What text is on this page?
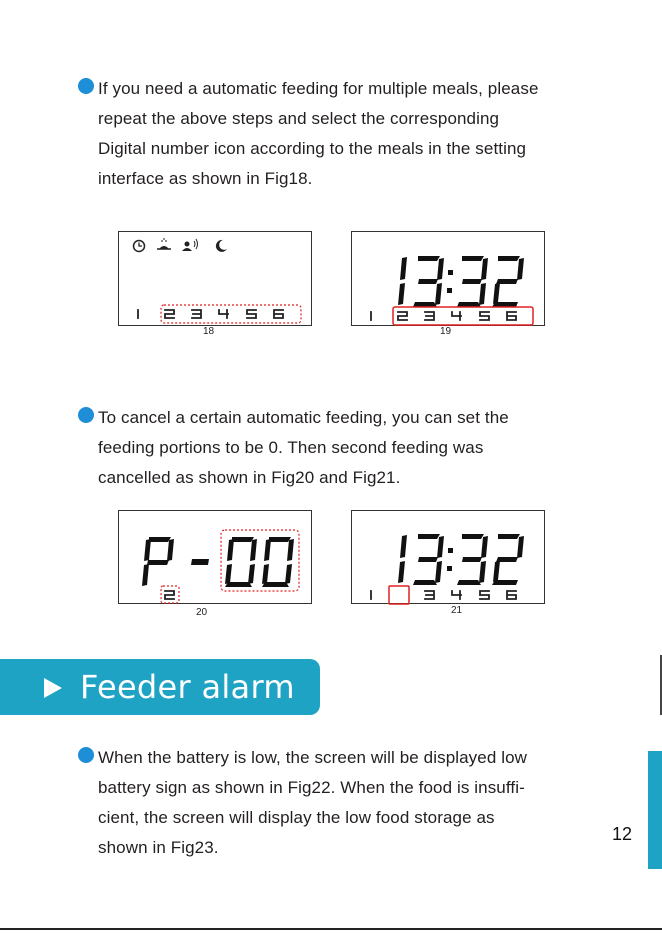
If you need a automatic feeding for multiple meals, please
repeat the above steps and select the corresponding
Digital number icon according to the meals in the setting
interface as shown in Fig18.
18	19
To cancel a certain automatic feeding, you can set the
feeding portions to be 0. Then second feeding was
cancelled as shown in Fig20 and Fig21.
20	21
Feeder alarm
When the battery is low, the screen will be displayed low
battery sign as shown in Fig22. When the food is insuffi-
cient, the screen will display the low food storage as
shown in Fig23.
12
